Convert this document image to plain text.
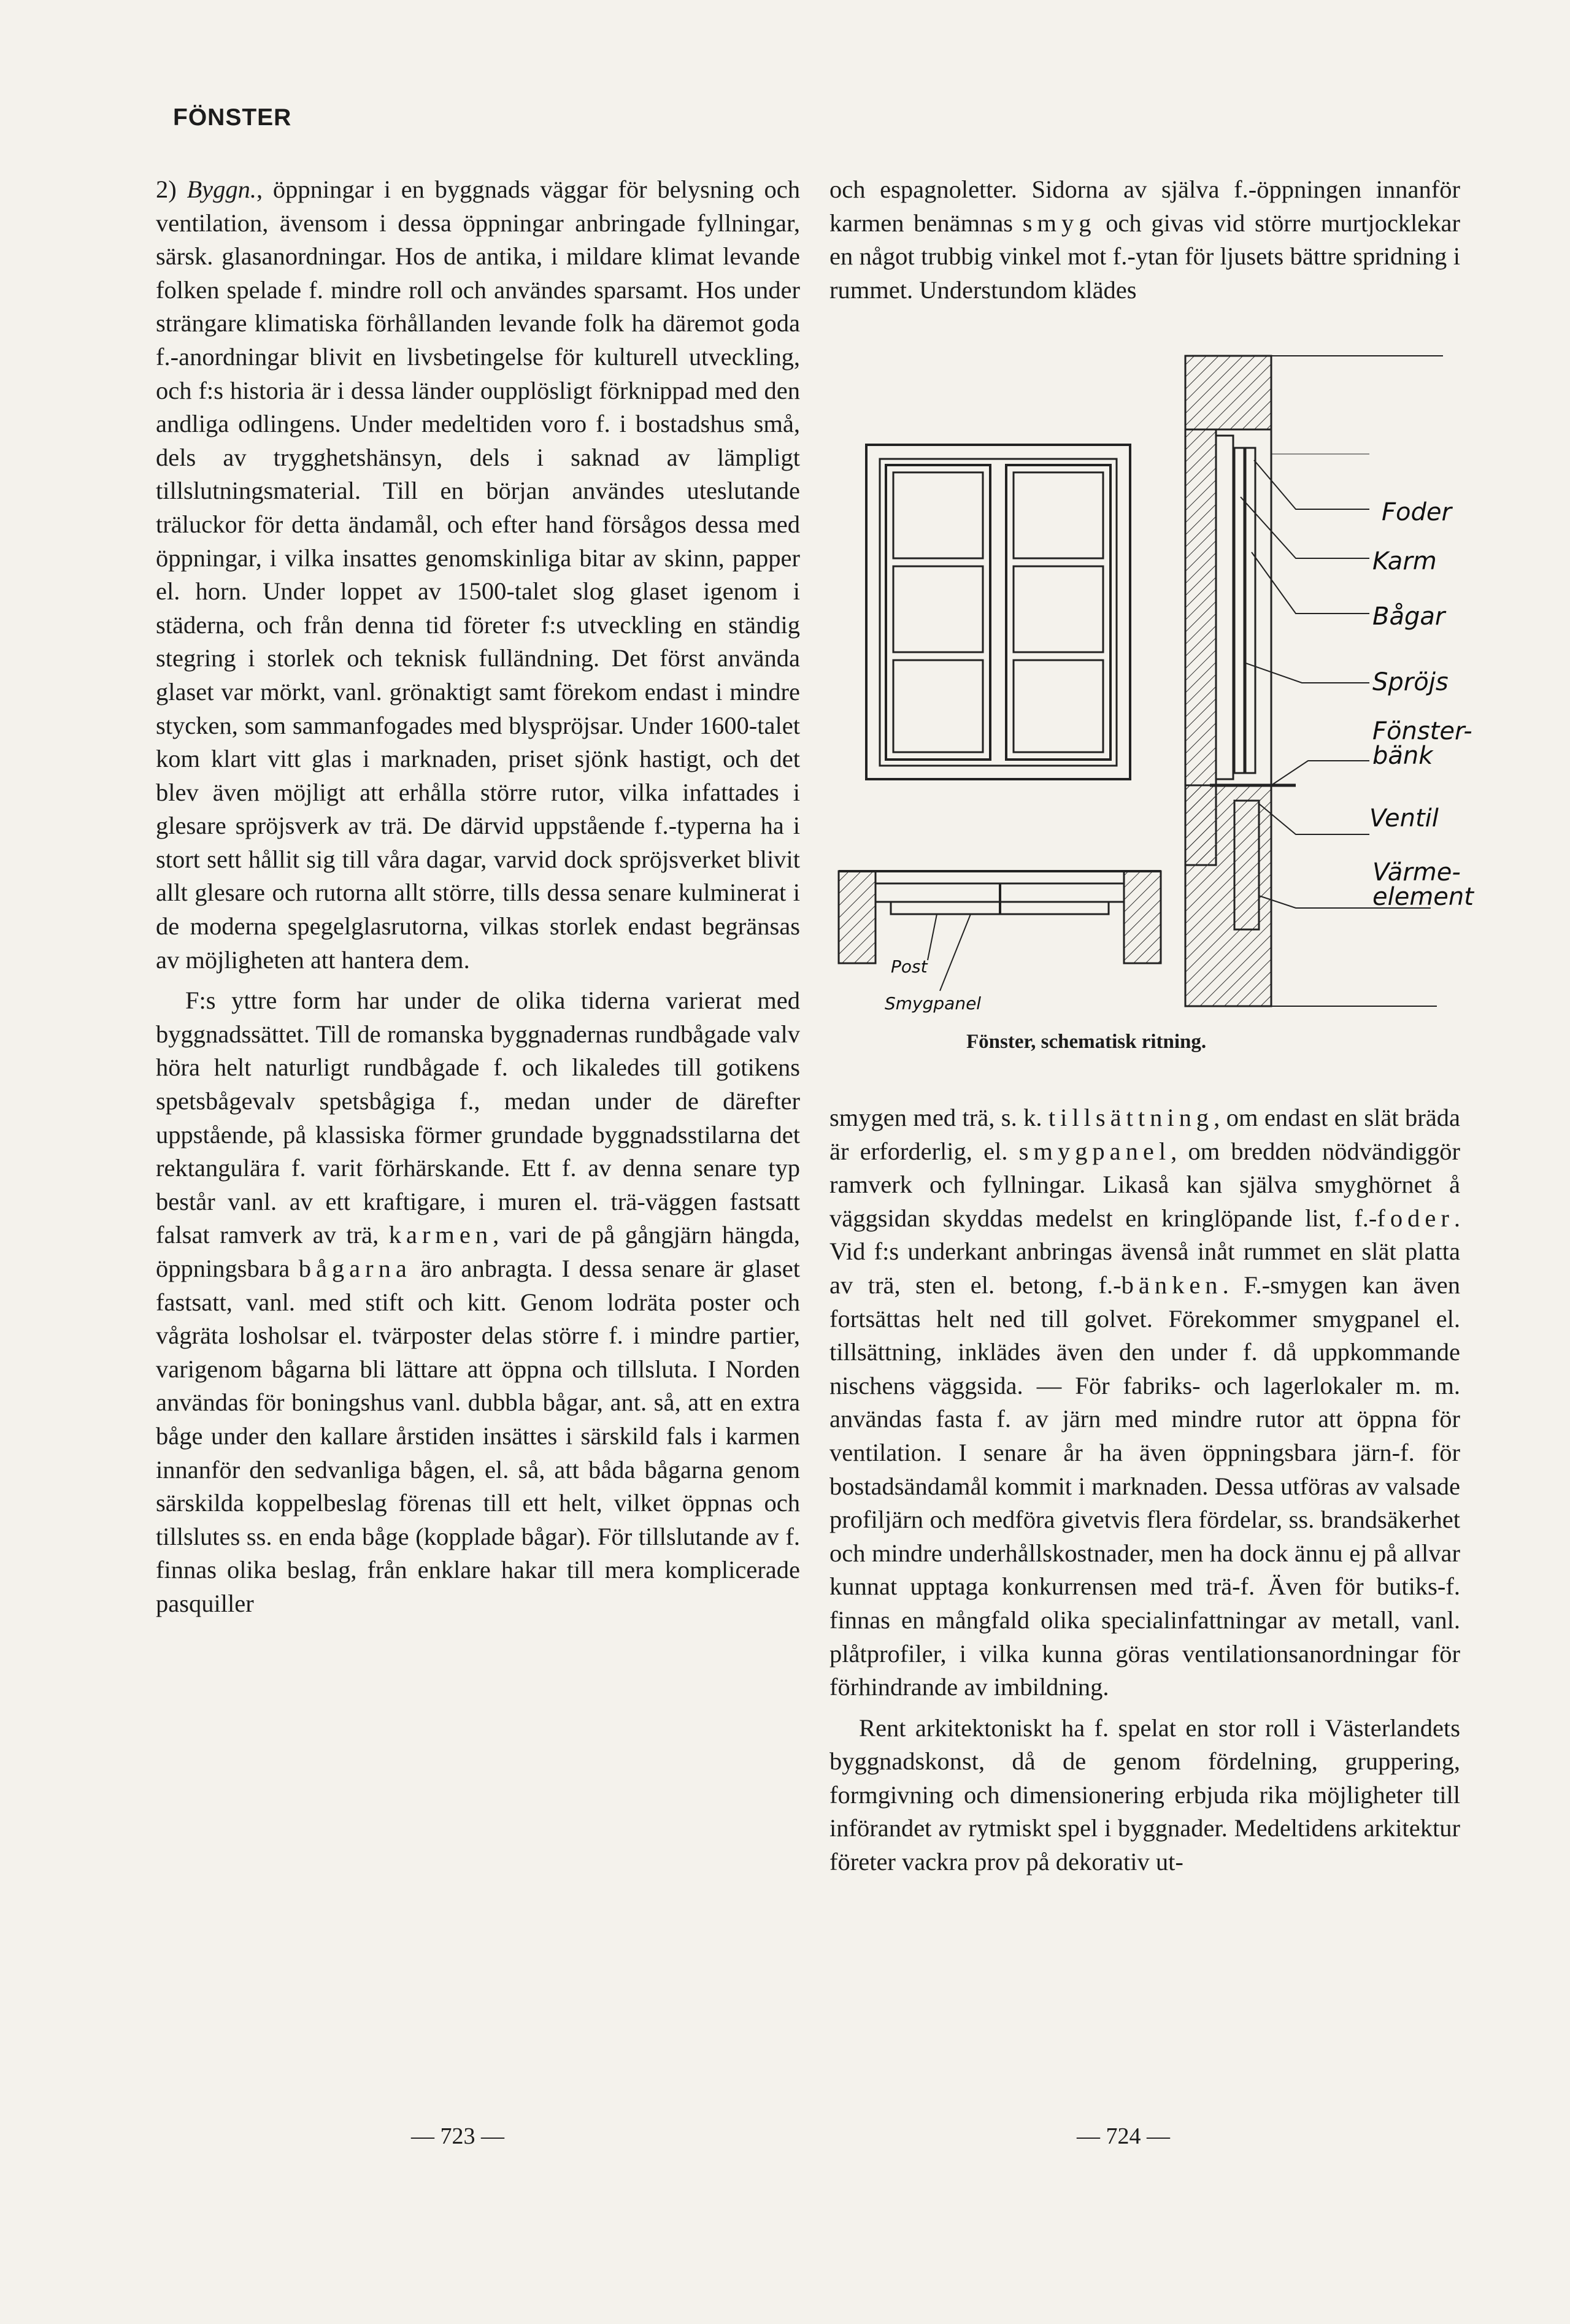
FÖNSTER

2) Byggn., öppningar i en byggnads väggar för belysning och ventilation, ävensom i dessa öppningar anbringade fyllningar, särsk. glasanordningar. Hos de antika, i mildare klimat levande folken spelade f. mindre roll och användes sparsamt. Hos under strängare klimatiska förhållanden levande folk ha däremot goda f.-anordningar blivit en livsbetingelse för kulturell utveckling, och f:s historia är i dessa länder oupplösligt förknippad med den andliga odlingens. Under medeltiden voro f. i bostadshus små, dels av trygghetshänsyn, dels i saknad av lämpligt tillslutningsmaterial. Till en början användes uteslutande träluckor för detta ändamål, och efter hand försågos dessa med öppningar, i vilka insattes genomskinliga bitar av skinn, papper el. horn. Under loppet av 1500-talet slog glaset igenom i städerna, och från denna tid företer f:s utveckling en ständig stegring i storlek och teknisk fulländning. Det först använda glaset var mörkt, vanl. grönaktigt samt förekom endast i mindre stycken, som sammanfogades med blyspröjsar. Under 1600-talet kom klart vitt glas i marknaden, priset sjönk hastigt, och det blev även möjligt att erhålla större rutor, vilka infattades i glesare spröjsverk av trä. De därvid uppstående f.-typerna ha i stort sett hållit sig till våra dagar, varvid dock spröjsverket blivit allt glesare och rutorna allt större, tills dessa senare kulminerat i de moderna spegelglasrutorna, vilkas storlek endast begränsas av möjligheten att hantera dem.

F:s yttre form har under de olika tiderna varierat med byggnadssättet. Till de romanska byggnadernas rundbågade valv höra helt naturligt rundbågade f. och likaledes till gotikens spetsbågevalv spetsbågiga f., medan under de därefter uppstående, på klassiska förmer grundade byggnadsstilarna det rektangulära f. varit förhärskande. Ett f. av denna senare typ består vanl. av ett kraftigare, i muren el. trä-väggen fastsatt falsat ramverk av trä, karmen, vari de på gångjärn hängda, öppningsbara bågarna äro anbragta. I dessa senare är glaset fastsatt, vanl. med stift och kitt. Genom lodräta poster och vågräta losholsar el. tvärposter delas större f. i mindre partier, varigenom bågarna bli lättare att öppna och tillsluta. I Norden användas för boningshus vanl. dubbla bågar, ant. så, att en extra båge under den kallare årstiden insättes i särskild fals i karmen innanför den sedvanliga bågen, el. så, att båda bågarna genom särskilda koppelbeslag förenas till ett helt, vilket öppnas och tillslutes ss. en enda båge (kopplade bågar). För tillslutande av f. finnas olika beslag, från enklare hakar till mera komplicerade pasquiller

och espagnoletter. Sidorna av själva f.-öppningen innanför karmen benämnas smyg och givas vid större murtjocklekar en något trubbig vinkel mot f.-ytan för ljusets bättre spridning i rummet. Understundom klädes

Foder
Karm
Bågar
Spröjs
Fönster-
bänk
Ventil
Värme-
element
Post
Smygpanel
Fönster, schematisk ritning.

smygen med trä, s. k. tillsättning, om endast en slät bräda är erforderlig, el. smygpanel, om bredden nödvändiggör ramverk och fyllningar. Likaså kan själva smyghörnet å väggsidan skyddas medelst en kringlöpande list, f.-foder. Vid f:s underkant anbringas ävenså inåt rummet en slät platta av trä, sten el. betong, f.-bänken. F.-smygen kan även fortsättas helt ned till golvet. Förekommer smygpanel el. tillsättning, inklädes även den under f. då uppkommande nischens väggsida. — För fabriks- och lagerlokaler m. m. användas fasta f. av järn med mindre rutor att öppna för ventilation. I senare år ha även öppningsbara järn-f. för bostadsändamål kommit i marknaden. Dessa utföras av valsade profiljärn och medföra givetvis flera fördelar, ss. brandsäkerhet och mindre underhållskostnader, men ha dock ännu ej på allvar kunnat upptaga konkurrensen med trä-f. Även för butiks-f. finnas en mångfald olika specialinfattningar av metall, vanl. plåtprofiler, i vilka kunna göras ventilationsanordningar för förhindrande av imbildning.

Rent arkitektoniskt ha f. spelat en stor roll i Västerlandets byggnadskonst, då de genom fördelning, gruppering, formgivning och dimensionering erbjuda rika möjligheter till införandet av rytmiskt spel i byggnader. Medeltidens arkitektur företer vackra prov på dekorativ ut-

— 723 —	— 724 —
